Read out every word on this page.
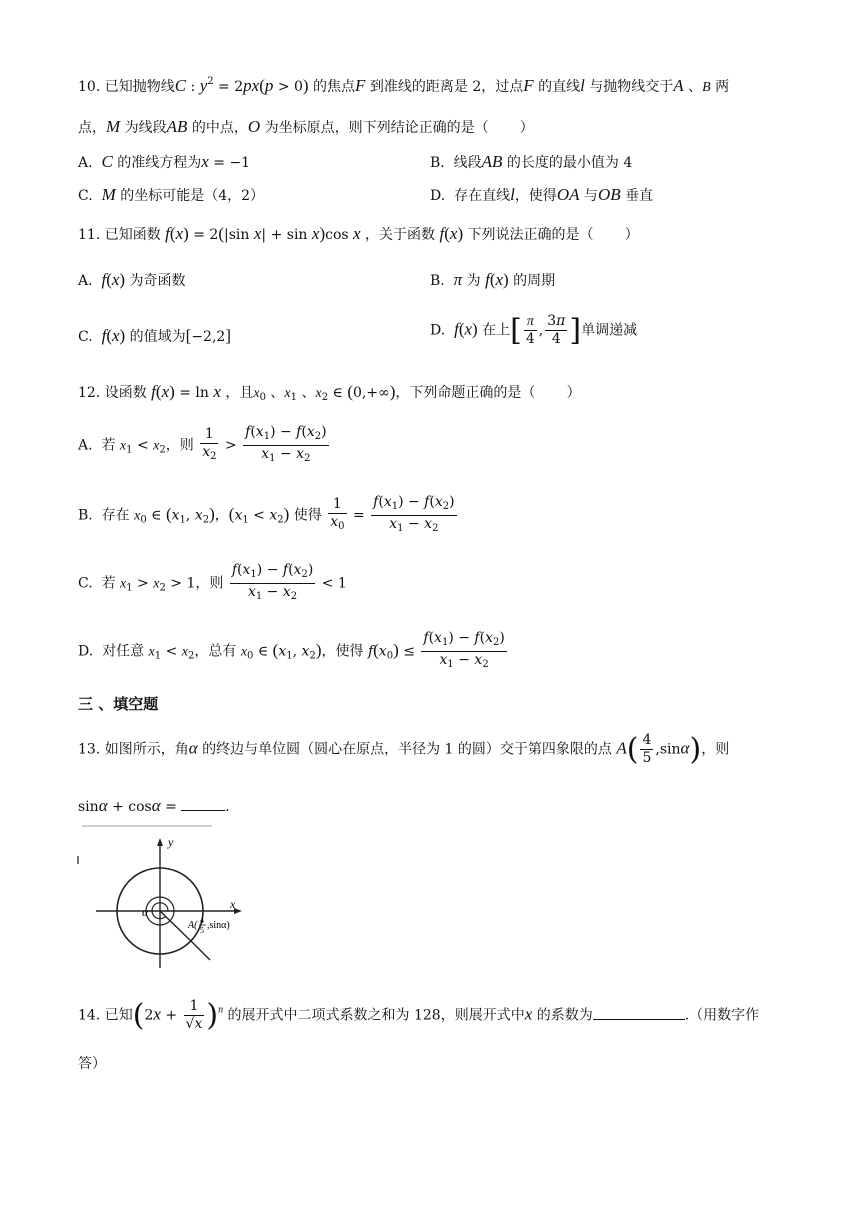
10. 已知抛物线C : $y^2 = 2px(p > 0)$ 的焦点F 到准线的距离是 2，过点F 的直线l 与抛物线交于A 、B 两
点，M 为线段AB 的中点，O 为坐标原点，则下列结论正确的是（       ）
A.  C 的准线方程为x = −1	B.  线段AB 的长度的最小值为 4
C.  M 的坐标可能是（4，2）	D.  存在直线l，使得OA 与OB 垂直
11. 已知函数 f(x) = 2(|sin x| + sin x)cos x ，关于函数 f(x) 下列说法正确的是（       ）
A.  f(x) 为奇函数	B.  π 为 f(x) 的周期
C.  f(x) 的值域为[−2,2]	D.  f(x) 在上[ $\frac{\pi}{4}$ , $\frac{3\pi}{4}$ ]单调递减
12. 设函数 f(x) = ln x ，且$x_0$ 、$x_1$ 、$x_2$ ∈ (0,+∞)，下列命题正确的是（       ）
A.  若 $x_1 < x_2$，则 $\frac{1}{x_2} > \frac{f(x_1) - f(x_2)}{x_1 - x_2}$
B.  存在 $x_0$ ∈ ($x_1$, $x_2$)，$(x_1 < x_2)$ 使得 $\frac{1}{x_0} = \frac{f(x_1) - f(x_2)}{x_1 - x_2}$
C.  若 $x_1 > x_2 > 1$，则 $\frac{f(x_1) - f(x_2)}{x_1 - x_2} < 1$
D.  对任意 $x_1 < x_2$，总有 $x_0$ ∈ ($x_1$, $x_2$)，使得 $f(x_0) \le \frac{f(x_1) - f(x_2)}{x_1 - x_2}$
三 、填空题
13. 如图所示，角α 的终边与单位圆（圆心在原点，半径为 1 的圆）交于第四象限的点 $A( \frac{4}{5} ,\sin\alpha)$，则
sinα + cosα =	.
y
x
α
A( 4
5 ,sinα)
14. 已知$(2x + \frac{1}{√x} )^n$ 的展开式中二项式系数之和为 128，则展开式中x 的系数为	.（用数字作
答）
